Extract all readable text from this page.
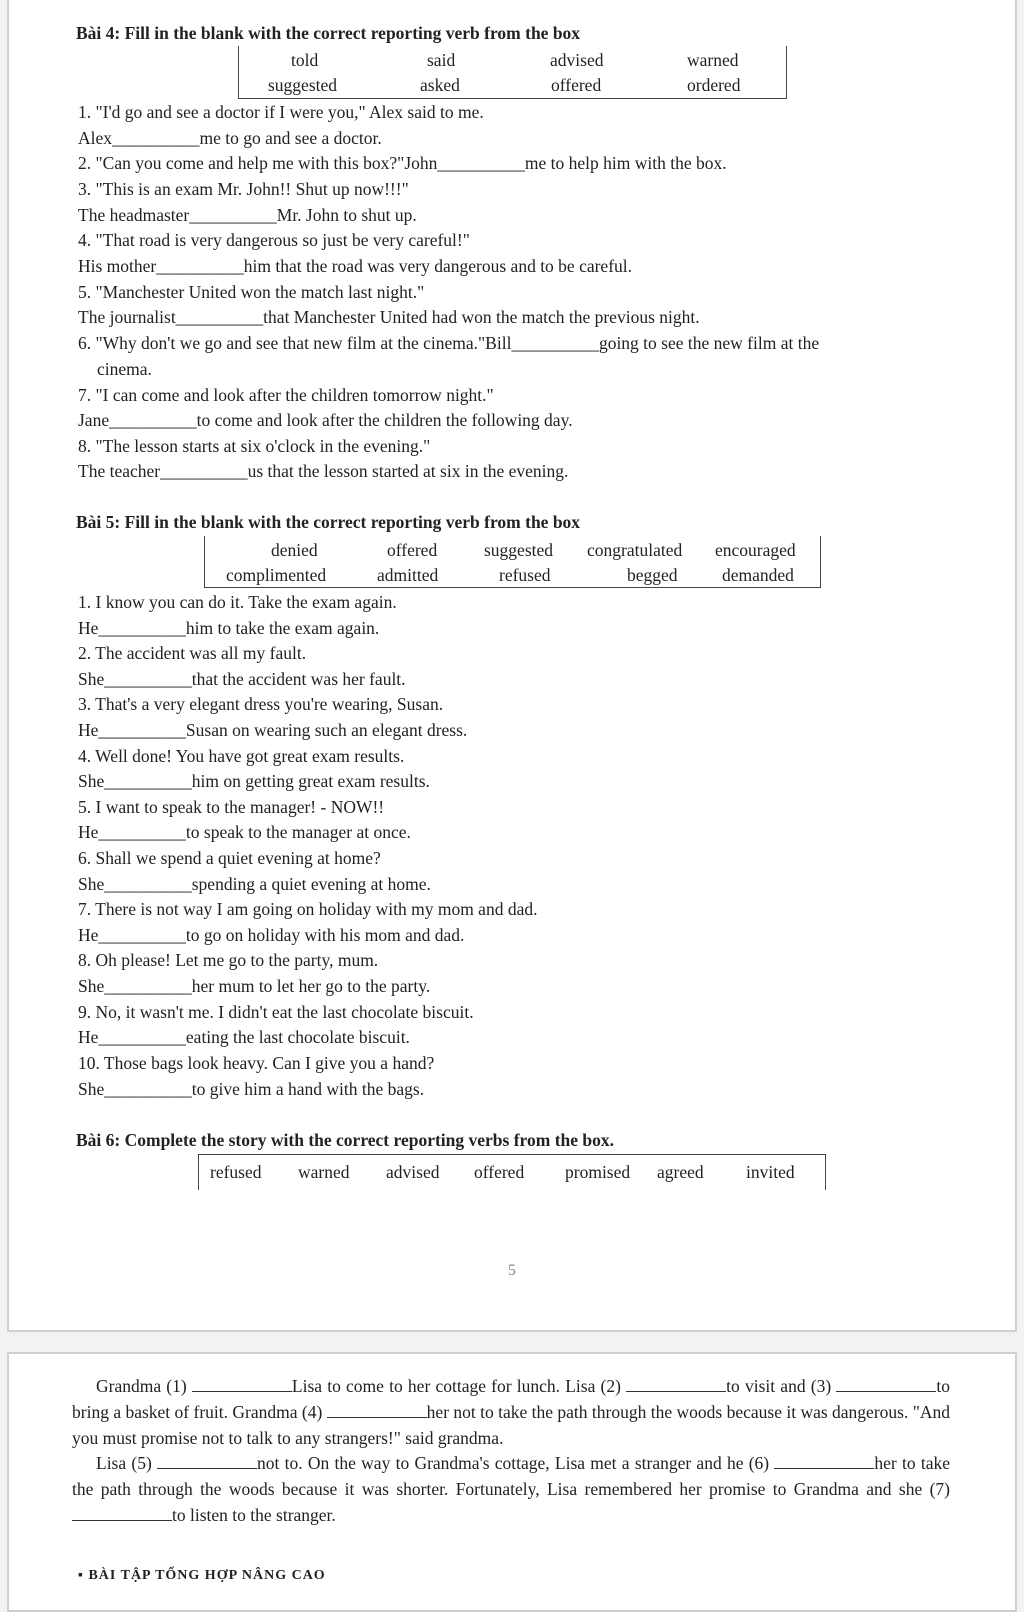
Bài 4: Fill in the blank with the correct reporting verb from the box
told	said	advised	warned
suggested	asked	offered	ordered
1. "I'd go and see a doctor if I were you," Alex said to me.
Alex__________me to go and see a doctor.
2. "Can you come and help me with this box?"John__________me to help him with the box.
3. "This is an exam Mr. John!! Shut up now!!!"
The headmaster__________Mr. John to shut up.
4. "That road is very dangerous so just be very careful!"
His mother__________him that the road was very dangerous and to be careful.
5. "Manchester United won the match last night."
The journalist__________that Manchester United had won the match the previous night.
6. "Why don't we go and see that new film at the cinema."Bill__________going to see the new film at the
cinema.
7. "I can come and look after the children tomorrow night."
Jane__________to come and look after the children the following day.
8. "The lesson starts at six o'clock in the evening."
The teacher__________us that the lesson started at six in the evening.
Bài 5: Fill in the blank with the correct reporting verb from the box
denied	offered	suggested congratulated encouraged
complimented	admitted	refused	begged	demanded
1. I know you can do it. Take the exam again.
He__________him to take the exam again.
2. The accident was all my fault.
She__________that the accident was her fault.
3. That's a very elegant dress you're wearing, Susan.
He__________Susan on wearing such an elegant dress.
4. Well done! You have got great exam results.
She__________him on getting great exam results.
5. I want to speak to the manager! - NOW!!
He__________to speak to the manager at once.
6. Shall we spend a quiet evening at home?
She__________spending a quiet evening at home.
7. There is not way I am going on holiday with my mom and dad.
He__________to go on holiday with his mom and dad.
8. Oh please! Let me go to the party, mum.
She__________her mum to let her go to the party.
9. No, it wasn't me. I didn't eat the last chocolate biscuit.
He__________eating the last chocolate biscuit.
10. Those bags look heavy. Can I give you a hand?
She__________to give him a hand with the bags.
Bài 6: Complete the story with the correct reporting verbs from the box.
refused warned advised offered promised agreed invited
5
Grandma (1)	Lisa to come to her cottage for lunch. Lisa (2)	to visit and (3)	to bring a basket of fruit. Grandma (4)	her not to take the path through the woods because it was dangerous. "And you must promise not to talk to any strangers!" said grandma.
Lisa (5)	not to. On the way to Grandma's cottage, Lisa met a stranger and he (6)	her to take the path through the woods because it was shorter. Fortunately, Lisa remembered her promise to Grandma and she (7) to listen to the stranger.
▪ BÀI TẬP TỔNG HỢP NÂNG CAO
